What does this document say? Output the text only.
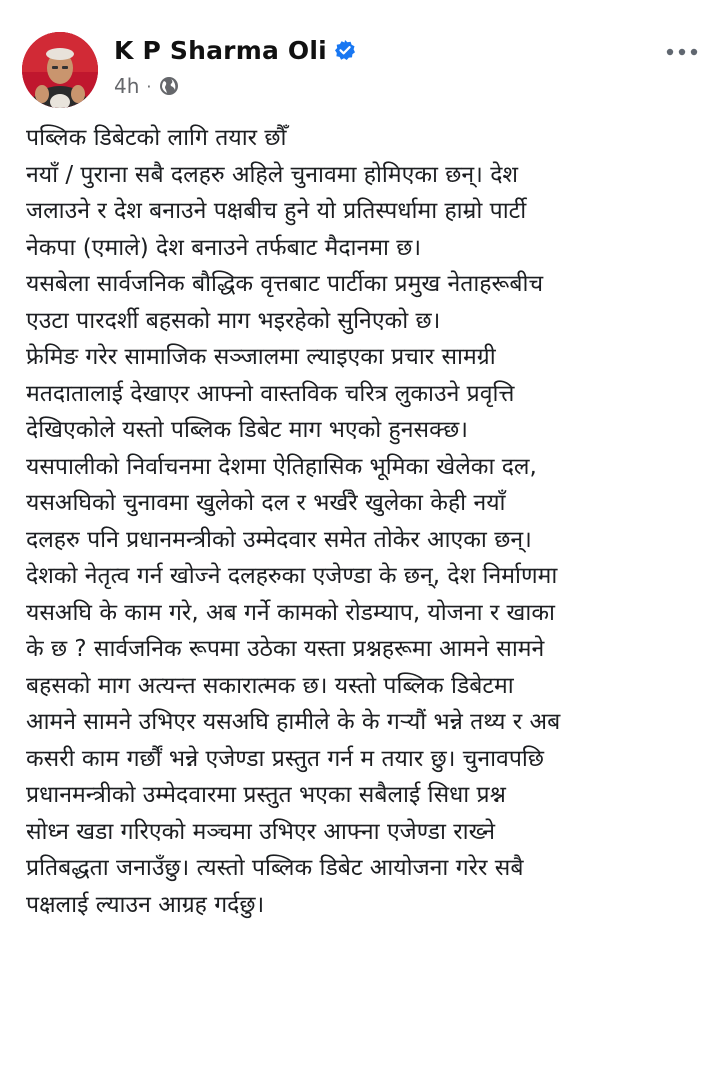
K P Sharma Oli
4h ·
पब्लिक डिबेटको लागि तयार छौँ
नयाँ / पुराना सबै दलहरु अहिले चुनावमा होमिएका छन्। देश
जलाउने र देश बनाउने पक्षबीच हुने यो प्रतिस्पर्धामा हाम्रो पार्टी
नेकपा (एमाले) देश बनाउने तर्फबाट मैदानमा छ।
यसबेला सार्वजनिक बौद्धिक वृत्तबाट पार्टीका प्रमुख नेताहरूबीच
एउटा पारदर्शी बहसको माग भइरहेको सुनिएको छ।
फ्रेमिङ गरेर सामाजिक सञ्जालमा ल्याइएका प्रचार सामग्री
मतदातालाई देखाएर आफ्नो वास्तविक चरित्र लुकाउने प्रवृत्ति
देखिएकोले यस्तो पब्लिक डिबेट माग भएको हुनसक्छ।
यसपालीको निर्वाचनमा देशमा ऐतिहासिक भूमिका खेलेका दल,
यसअघिको चुनावमा खुलेको दल र भर्खरै खुलेका केही नयाँ
दलहरु पनि प्रधानमन्त्रीको उम्मेदवार समेत तोकेर आएका छन्।
देशको नेतृत्व गर्न खोज्ने दलहरुका एजेण्डा के छन्, देश निर्माणमा
यसअघि के काम गरे, अब गर्ने कामको रोडम्याप, योजना र खाका
के छ ? सार्वजनिक रूपमा उठेका यस्ता प्रश्नहरूमा आमने सामने
बहसको माग अत्यन्त सकारात्मक छ। यस्तो पब्लिक डिबेटमा
आमने सामने उभिएर यसअघि हामीले के के गर्‍यौं भन्ने तथ्य र अब
कसरी काम गर्छौं भन्ने एजेण्डा प्रस्तुत गर्न म तयार छु। चुनावपछि
प्रधानमन्त्रीको उम्मेदवारमा प्रस्तुत भएका सबैलाई सिधा प्रश्न
सोध्न खडा गरिएको मञ्चमा उभिएर आफ्ना एजेण्डा राख्ने
प्रतिबद्धता जनाउँछु। त्यस्तो पब्लिक डिबेट आयोजना गरेर सबै
पक्षलाई ल्याउन आग्रह गर्दछु।
